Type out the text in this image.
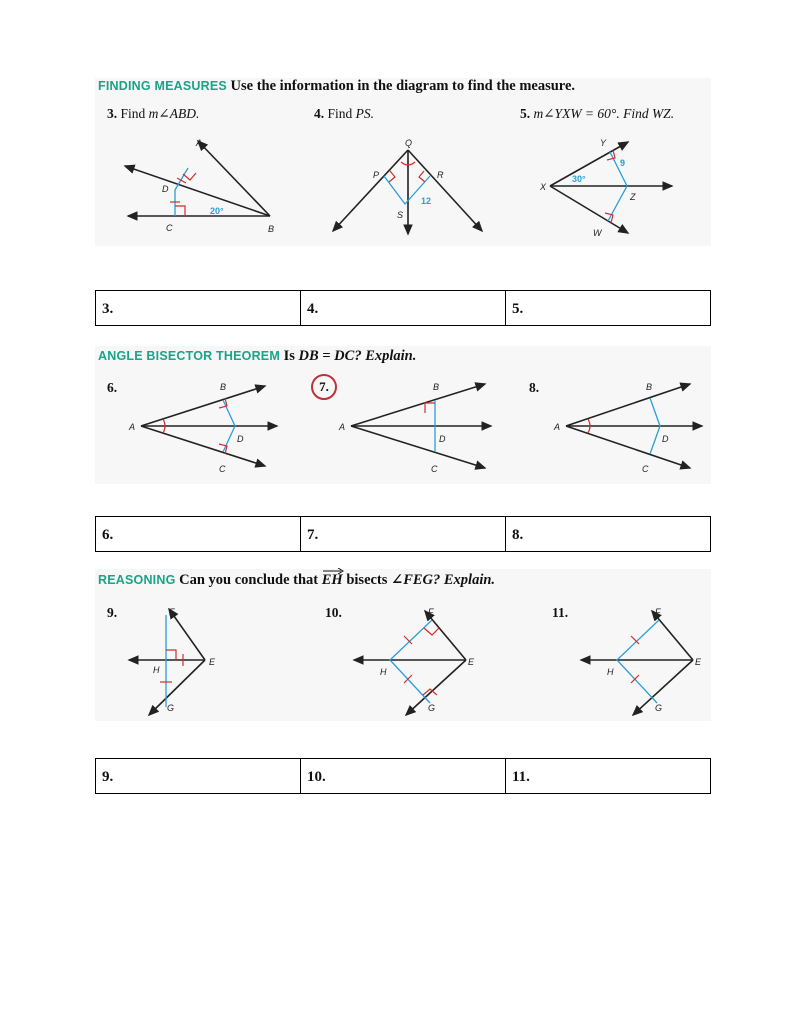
FINDING MEASURES Use the information in the diagram to find the measure.
3. Find m∠ABD.	4. Find PS.	5. m∠YXW = 60°. Find WZ.
A
D
C	B
20°
Q
P	R
S
12
Y
X
Z
W
30°
9
3.	4.	5.
ANGLE BISECTOR THEOREM Is DB = DC? Explain.
6.	7.	8.
A
B
D
C
A
B
D
C
A
B
D
C
6.	7.	8.
REASONING Can you conclude that EH
bisects ∠FEG? Explain.
9.	10.	11.
F
E
H
G
F
E
H
G
F
E
H
G
9.	10.	11.
